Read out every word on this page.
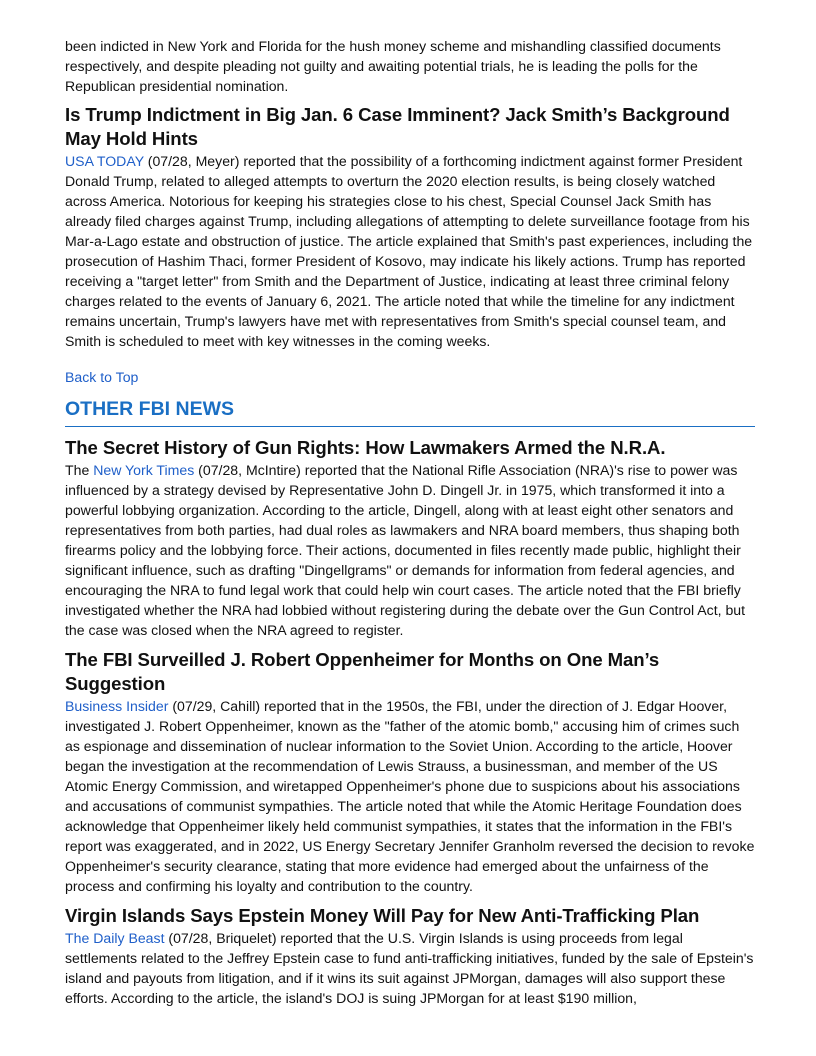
been indicted in New York and Florida for the hush money scheme and mishandling classified documents respectively, and despite pleading not guilty and awaiting potential trials, he is leading the polls for the Republican presidential nomination.

Is Trump Indictment in Big Jan. 6 Case Imminent? Jack Smith’s Background May Hold Hints

USA TODAY (07/28, Meyer) reported that the possibility of a forthcoming indictment against former President Donald Trump, related to alleged attempts to overturn the 2020 election results, is being closely watched across America. Notorious for keeping his strategies close to his chest, Special Counsel Jack Smith has already filed charges against Trump, including allegations of attempting to delete surveillance footage from his Mar-a-Lago estate and obstruction of justice. The article explained that Smith's past experiences, including the prosecution of Hashim Thaci, former President of Kosovo, may indicate his likely actions. Trump has reported receiving a "target letter" from Smith and the Department of Justice, indicating at least three criminal felony charges related to the events of January 6, 2021. The article noted that while the timeline for any indictment remains uncertain, Trump's lawyers have met with representatives from Smith's special counsel team, and Smith is scheduled to meet with key witnesses in the coming weeks.

Back to Top
OTHER FBI NEWS
The Secret History of Gun Rights: How Lawmakers Armed the N.R.A.

The New York Times (07/28, McIntire) reported that the National Rifle Association (NRA)'s rise to power was influenced by a strategy devised by Representative John D. Dingell Jr. in 1975, which transformed it into a powerful lobbying organization. According to the article, Dingell, along with at least eight other senators and representatives from both parties, had dual roles as lawmakers and NRA board members, thus shaping both firearms policy and the lobbying force. Their actions, documented in files recently made public, highlight their significant influence, such as drafting "Dingellgrams" or demands for information from federal agencies, and encouraging the NRA to fund legal work that could help win court cases. The article noted that the FBI briefly investigated whether the NRA had lobbied without registering during the debate over the Gun Control Act, but the case was closed when the NRA agreed to register.

The FBI Surveilled J. Robert Oppenheimer for Months on One Man’s Suggestion

Business Insider (07/29, Cahill) reported that in the 1950s, the FBI, under the direction of J. Edgar Hoover, investigated J. Robert Oppenheimer, known as the "father of the atomic bomb," accusing him of crimes such as espionage and dissemination of nuclear information to the Soviet Union. According to the article, Hoover began the investigation at the recommendation of Lewis Strauss, a businessman, and member of the US Atomic Energy Commission, and wiretapped Oppenheimer's phone due to suspicions about his associations and accusations of communist sympathies. The article noted that while the Atomic Heritage Foundation does acknowledge that Oppenheimer likely held communist sympathies, it states that the information in the FBI's report was exaggerated, and in 2022, US Energy Secretary Jennifer Granholm reversed the decision to revoke Oppenheimer's security clearance, stating that more evidence had emerged about the unfairness of the process and confirming his loyalty and contribution to the country.

Virgin Islands Says Epstein Money Will Pay for New Anti-Trafficking Plan

The Daily Beast (07/28, Briquelet) reported that the U.S. Virgin Islands is using proceeds from legal settlements related to the Jeffrey Epstein case to fund anti-trafficking initiatives, funded by the sale of Epstein's island and payouts from litigation, and if it wins its suit against JPMorgan, damages will also support these efforts. According to the article, the island's DOJ is suing JPMorgan for at least $190 million,
